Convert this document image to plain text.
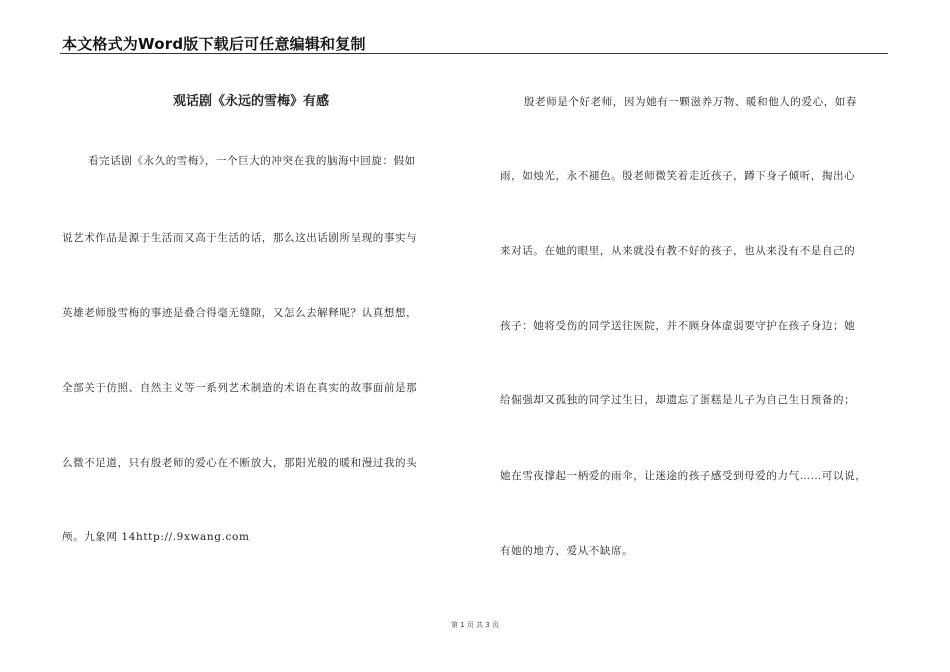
本文格式为Word版下载后可任意编辑和复制
观话剧《永远的雪梅》有感
看完话剧《永久的雪梅》，一个巨大的冲突在我的脑海中回旋：假如
说艺术作品是源于生活而又高于生活的话，那么这出话剧所呈现的事实与
英雄老师殷雪梅的事迹是叠合得毫无缝隙，又怎么去解释呢？认真想想，
全部关于仿照、自然主义等一系列艺术制造的术语在真实的故事面前是那
么微不足道，只有殷老师的爱心在不断放大，那阳光般的暖和漫过我的头
颅。九象网 14http://.9xwang.com
殷老师是个好老师，因为她有一颗滋养万物、暖和他人的爱心，如春
雨，如烛光，永不褪色。殷老师微笑着走近孩子，蹲下身子倾听，掏出心
来对话。在她的眼里，从来就没有教不好的孩子，也从来没有不是自己的
孩子：她将受伤的同学送往医院，并不顾身体虚弱要守护在孩子身边；她
给倔强却又孤独的同学过生日，却遗忘了蛋糕是儿子为自己生日预备的；
她在雪夜撑起一柄爱的雨伞，让迷途的孩子感受到母爱的力气……可以说，
有她的地方，爱从不缺席。
第 1 页 共 3 页
